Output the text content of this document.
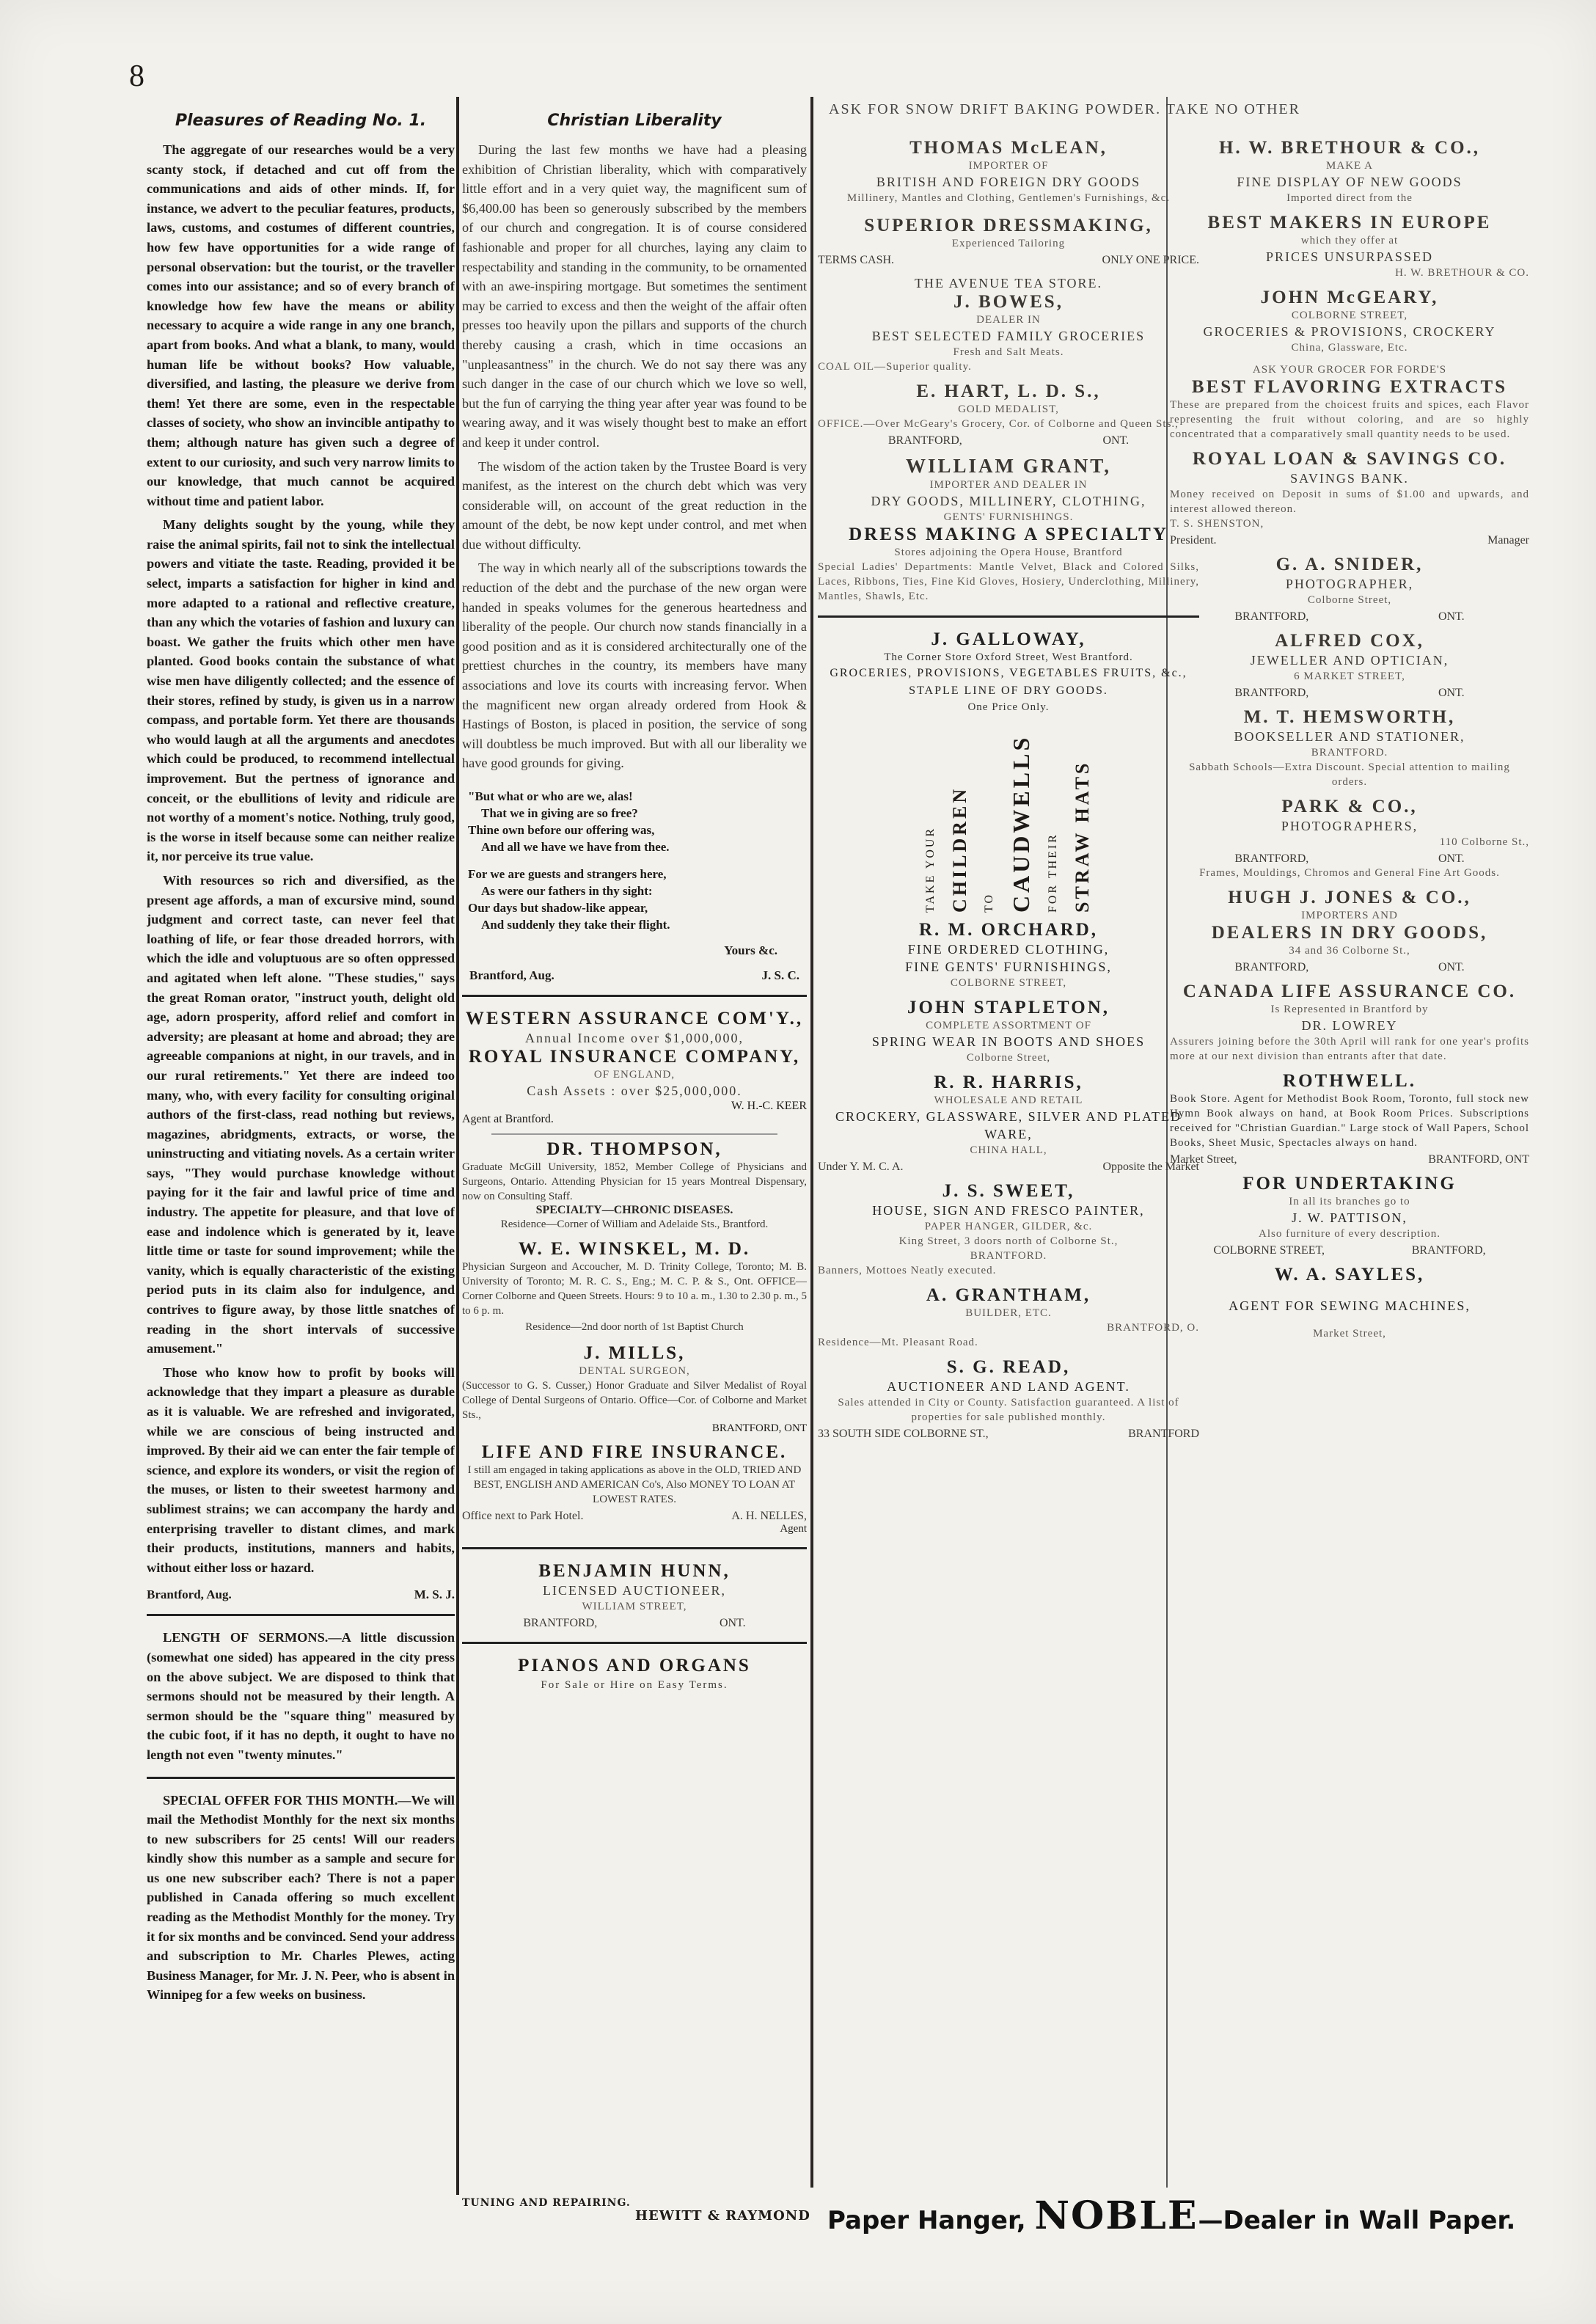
8
Pleasures of Reading No. 1.

The aggregate of our researches would be a very scanty stock, if detached and cut off from the communications and aids of other minds. If, for instance, we advert to the peculiar features, products, laws, customs, and costumes of different countries, how few have opportunities for a wide range of personal observation: but the tourist, or the traveller comes into our assistance; and so of every branch of knowledge how few have the means or ability necessary to acquire a wide range in any one branch, apart from books. And what a blank, to many, would human life be without books? How valuable, diversified, and lasting, the pleasure we derive from them! Yet there are some, even in the respectable classes of society, who show an invincible antipathy to them; although nature has given such a degree of extent to our curiosity, and such very narrow limits to our knowledge, that much cannot be acquired without time and patient labor.

Many delights sought by the young, while they raise the animal spirits, fail not to sink the intellectual powers and vitiate the taste. Reading, provided it be select, imparts a satisfaction for higher in kind and more adapted to a rational and reflective creature, than any which the votaries of fashion and luxury can boast. We gather the fruits which other men have planted. Good books contain the substance of what wise men have diligently collected; and the essence of their stores, refined by study, is given us in a narrow compass, and portable form. Yet there are thousands who would laugh at all the arguments and anecdotes which could be produced, to recommend intellectual improvement. But the pertness of ignorance and conceit, or the ebullitions of levity and ridicule are not worthy of a moment's notice. Nothing, truly good, is the worse in itself because some can neither realize it, nor perceive its true value.

With resources so rich and diversified, as the present age affords, a man of excursive mind, sound judgment and correct taste, can never feel that loathing of life, or fear those dreaded horrors, with which the idle and voluptuous are so often oppressed and agitated when left alone. "These studies," says the great Roman orator, "instruct youth, delight old age, adorn prosperity, afford relief and comfort in adversity; are pleasant at home and abroad; they are agreeable companions at night, in our travels, and in our rural retirements." Yet there are indeed too many, who, with every facility for consulting original authors of the first-class, read nothing but reviews, magazines, abridgments, extracts, or worse, the uninstructing and vitiating novels. As a certain writer says, "They would purchase knowledge without paying for it the fair and lawful price of time and industry. The appetite for pleasure, and that love of ease and indolence which is generated by it, leave little time or taste for sound improvement; while the vanity, which is equally characteristic of the existing period puts in its claim also for indulgence, and contrives to figure away, by those little snatches of reading in the short intervals of successive amusement."

Those who know how to profit by books will acknowledge that they impart a pleasure as durable as it is valuable. We are refreshed and invigorated, while we are conscious of being instructed and improved. By their aid we can enter the fair temple of science, and explore its wonders, or visit the region of the muses, or listen to their sweetest harmony and sublimest strains; we can accompany the hardy and enterprising traveller to distant climes, and mark their products, institutions, manners and habits, without either loss or hazard.

Brantford, Aug.	M. S. J.

LENGTH OF SERMONS.—A little discussion (somewhat one sided) has appeared in the city press on the above subject. We are disposed to think that sermons should not be measured by their length. A sermon should be the "square thing" measured by the cubic foot, if it has no depth, it ought to have no length not even "twenty minutes."

SPECIAL OFFER FOR THIS MONTH.—We will mail the Methodist Monthly for the next six months to new subscribers for 25 cents! Will our readers kindly show this number as a sample and secure for us one new subscriber each? There is not a paper published in Canada offering so much excellent reading as the Methodist Monthly for the money. Try it for six months and be convinced. Send your address and subscription to Mr. Charles Plewes, acting Business Manager, for Mr. J. N. Peer, who is absent in Winnipeg for a few weeks on business.

Christian Liberality

During the last few months we have had a pleasing exhibition of Christian liberality, which with comparatively little effort and in a very quiet way, the magnificent sum of $6,400.00 has been so generously subscribed by the members of our church and congregation. It is of course considered fashionable and proper for all churches, laying any claim to respectability and standing in the community, to be ornamented with an awe-inspiring mortgage. But sometimes the sentiment may be carried to excess and then the weight of the affair often presses too heavily upon the pillars and supports of the church thereby causing a crash, which in time occasions an "unpleasantness" in the church. We do not say there was any such danger in the case of our church which we love so well, but the fun of carrying the thing year after year was found to be wearing away, and it was wisely thought best to make an effort and keep it under control.

The wisdom of the action taken by the Trustee Board is very manifest, as the interest on the church debt which was very considerable will, on account of the great reduction in the amount of the debt, be now kept under control, and met when due without difficulty.

The way in which nearly all of the subscriptions towards the reduction of the debt and the purchase of the new organ were handed in speaks volumes for the generous heartedness and liberality of the people. Our church now stands financially in a good position and as it is considered architecturally one of the prettiest churches in the country, its members have many associations and love its courts with increasing fervor. When the magnificent new organ already ordered from Hook & Hastings of Boston, is placed in position, the service of song will doubtless be much improved. But with all our liberality we have good grounds for giving.

"But what or who are we, alas!
That we in giving are so free?
Thine own before our offering was,
And all we have we have from thee.
For we are guests and strangers here,
As were our fathers in thy sight:
Our days but shadow-like appear,
And suddenly they take their flight.
Yours &c.
Brantford, Aug.	J. S. C.
WESTERN ASSURANCE COM'Y.,
Annual Income over $1,000,000,
ROYAL INSURANCE COMPANY,
OF ENGLAND,
Cash Assets : over $25,000,000.
W. H.-C. KEER
Agent at Brantford.
DR. THOMPSON,
Graduate McGill University, 1852, Member College of Physicians and Surgeons, Ontario. Attending Physician for 15 years Montreal Dispensary, now on Consulting Staff.
SPECIALTY—CHRONIC DISEASES.
Residence—Corner of William and Adelaide Sts., Brantford.
W. E. WINSKEL, M. D.
Physician Surgeon and Accoucher, M. D. Trinity College, Toronto; M. B. University of Toronto; M. R. C. S., Eng.; M. C. P. & S., Ont. OFFICE—Corner Colborne and Queen Streets. Hours: 9 to 10 a. m., 1.30 to 2.30 p. m., 5 to 6 p. m.
Residence—2nd door north of 1st Baptist Church
J. MILLS,
DENTAL SURGEON,
(Successor to G. S. Cusser,) Honor Graduate and Silver Medalist of Royal College of Dental Surgeons of Ontario. Office—Cor. of Colborne and Market Sts.,
BRANTFORD, ONT
LIFE AND FIRE INSURANCE.
I still am engaged in taking applications as above in the OLD, TRIED AND BEST, ENGLISH AND AMERICAN Co's, Also MONEY TO LOAN AT LOWEST RATES.
Office next to Park Hotel.	A. H. NELLES,
Agent
BENJAMIN HUNN,
LICENSED AUCTIONEER,
WILLIAM STREET,
BRANTFORD,	ONT.
PIANOS AND ORGANS
For Sale or Hire on Easy Terms.
TUNING AND REPAIRING.
HEWITT & RAYMOND
ASK FOR SNOW DRIFT BAKING POWDER. TAKE NO OTHER
THOMAS McLEAN,
IMPORTER OF
BRITISH AND FOREIGN DRY GOODS
Millinery, Mantles and Clothing, Gentlemen's Furnishings, &c.
SUPERIOR DRESSMAKING,
Experienced Tailoring
TERMS CASH.	ONLY ONE PRICE.
THE AVENUE TEA STORE.
J. BOWES,
DEALER IN
BEST SELECTED FAMILY GROCERIES
Fresh and Salt Meats.
COAL OIL—Superior quality.
E. HART, L. D. S.,
GOLD MEDALIST,
OFFICE.—Over McGeary's Grocery, Cor. of Colborne and Queen Sts.,
BRANTFORD,	ONT.
WILLIAM GRANT,
IMPORTER AND DEALER IN
DRY GOODS, MILLINERY, CLOTHING,
GENTS' FURNISHINGS.
DRESS MAKING A SPECIALTY
Stores adjoining the Opera House, Brantford
Special Ladies' Departments: Mantle Velvet, Black and Colored Silks, Laces, Ribbons, Ties, Fine Kid Gloves, Hosiery, Underclothing, Millinery, Mantles, Shawls, Etc.
J. GALLOWAY,
The Corner Store Oxford Street, West Brantford.
GROCERIES, PROVISIONS, VEGETABLES FRUITS, &c., STAPLE LINE OF DRY GOODS.
One Price Only.
TAKE YOUR CHILDREN TO CAUDWELLS FOR THEIR STRAW HATS
R. M. ORCHARD,
FINE ORDERED CLOTHING,
FINE GENTS' FURNISHINGS,
COLBORNE STREET,
JOHN STAPLETON,
COMPLETE ASSORTMENT OF
SPRING WEAR IN BOOTS AND SHOES
Colborne Street,
R. R. HARRIS,
WHOLESALE AND RETAIL
CROCKERY, GLASSWARE, SILVER AND PLATED WARE,
CHINA HALL,
Under Y. M. C. A.	Opposite the Market
J. S. SWEET,
HOUSE, SIGN AND FRESCO PAINTER,
PAPER HANGER, GILDER, &c.
King Street, 3 doors north of Colborne St.,
BRANTFORD.
Banners, Mottoes Neatly executed.
A. GRANTHAM,
BUILDER, ETC.
BRANTFORD, O.
Residence—Mt. Pleasant Road.
S. G. READ,
AUCTIONEER AND LAND AGENT.
Sales attended in City or County. Satisfaction guaranteed. A list of properties for sale published monthly.
33 SOUTH SIDE COLBORNE ST.,	BRANTFORD
H. W. BRETHOUR & CO.,
MAKE A
FINE DISPLAY OF NEW GOODS
Imported direct from the
BEST MAKERS IN EUROPE
which they offer at
PRICES UNSURPASSED
H. W. BRETHOUR & CO.
JOHN McGEARY,
COLBORNE STREET,
GROCERIES & PROVISIONS, CROCKERY
China, Glassware, Etc.
ASK YOUR GROCER FOR FORDE'S
BEST FLAVORING EXTRACTS
These are prepared from the choicest fruits and spices, each Flavor representing the fruit without coloring, and are so highly concentrated that a comparatively small quantity needs to be used.
ROYAL LOAN & SAVINGS CO.
SAVINGS BANK.
Money received on Deposit in sums of $1.00 and upwards, and interest allowed thereon.
T. S. SHENSTON,
President.	Manager
G. A. SNIDER,
PHOTOGRAPHER,
Colborne Street,
BRANTFORD,	ONT.
ALFRED COX,
JEWELLER AND OPTICIAN,
6 MARKET STREET,
BRANTFORD,	ONT.
M. T. HEMSWORTH,
BOOKSELLER AND STATIONER,
BRANTFORD.
Sabbath Schools—Extra Discount. Special attention to mailing orders.
PARK & CO.,
PHOTOGRAPHERS,
110 Colborne St.,
BRANTFORD,	ONT.
Frames, Mouldings, Chromos and General Fine Art Goods.
HUGH J. JONES & CO.,
IMPORTERS AND
DEALERS IN DRY GOODS,
34 and 36 Colborne St.,
BRANTFORD,	ONT.
CANADA LIFE ASSURANCE CO.
Is Represented in Brantford by
DR. LOWREY
Assurers joining before the 30th April will rank for one year's profits more at our next division than entrants after that date.
ROTHWELL.
Book Store. Agent for Methodist Book Room, Toronto, full stock new Hymn Book always on hand, at Book Room Prices. Subscriptions received for "Christian Guardian." Large stock of Wall Papers, School Books, Sheet Music, Spectacles always on hand.
Market Street,	BRANTFORD, ONT
FOR UNDERTAKING
In all its branches go to
J. W. PATTISON,
Also furniture of every description.
COLBORNE STREET,	BRANTFORD,
W. A. SAYLES,
AGENT FOR SEWING MACHINES,
Market Street,
Paper Hanger, NOBLE—Dealer in Wall Paper.
